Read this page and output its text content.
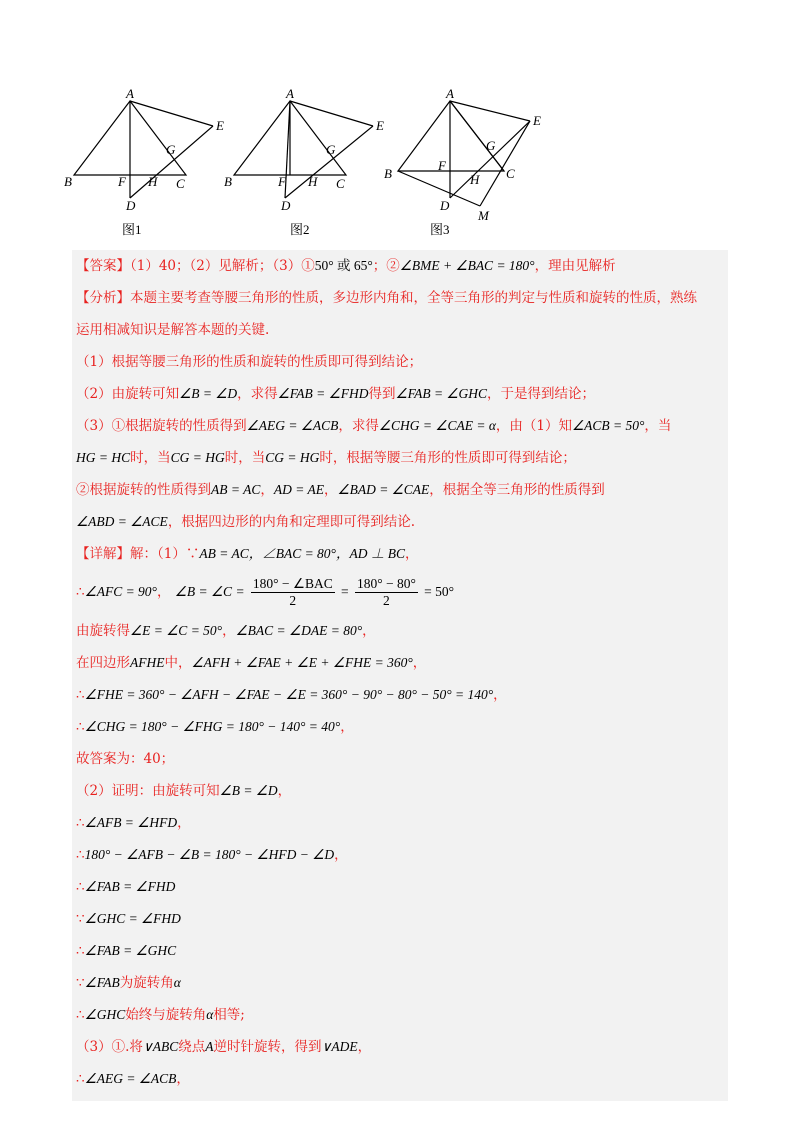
A
B	C
D
E
F
G
H
图1
A
B	C
D
E
F
G
H
图2
A
B	C
D
E
F
G
H
M
图3
【答案】（1）40；（2）见解析；（3）①50° 或 65°；②∠BME + ∠BAC = 180°，理由见解析
【分析】本题主要考查等腰三角形的性质，多边形内角和，全等三角形的判定与性质和旋转的性质，熟练
运用相减知识是解答本题的关键.
（1）根据等腰三角形的性质和旋转的性质即可得到结论；
（2）由旋转可知∠B = ∠D，求得∠FAB = ∠FHD得到∠FAB = ∠GHC，于是得到结论；
（3）①根据旋转的性质得到∠AEG = ∠ACB，求得∠CHG = ∠CAE = α，由（1）知∠ACB = 50°，当
HG = HC时，当CG = HG时，当CG = HG时，根据等腰三角形的性质即可得到结论；
②根据旋转的性质得到AB = AC，AD = AE，∠BAD = ∠CAE，根据全等三角形的性质得到
∠ABD = ∠ACE，根据四边形的内角和定理即可得到结论.
【详解】解：（1）∵AB = AC，∠BAC = 80°，AD ⊥ BC，
∴∠AFC = 90°， ∠B = ∠C = $\frac{\text{180° − ∠BAC}}{2} = \frac{180^\circ - 80^\circ}{2} = 50^\circ$
由旋转得∠E = ∠C = 50°，∠BAC = ∠DAE = 80°，
在四边形AFHE中，∠AFH + ∠FAE + ∠E + ∠FHE = 360°，
∴∠FHE = 360° − ∠AFH − ∠FAE − ∠E = 360° − 90° − 80° − 50° = 140°，
∴∠CHG = 180° − ∠FHG = 180° − 140° = 40°，
故答案为：40；
（2）证明：由旋转可知∠B = ∠D，
∴∠AFB = ∠HFD，
∴180° − ∠AFB − ∠B = 180° − ∠HFD − ∠D，
∴∠FAB = ∠FHD
∵∠GHC = ∠FHD
∴∠FAB = ∠GHC
∵∠FAB为旋转角α
∴∠GHC始终与旋转角α相等;
（3）①.将∨ABC绕点A逆时针旋转，得到∨ADE，
∴∠AEG = ∠ACB，
